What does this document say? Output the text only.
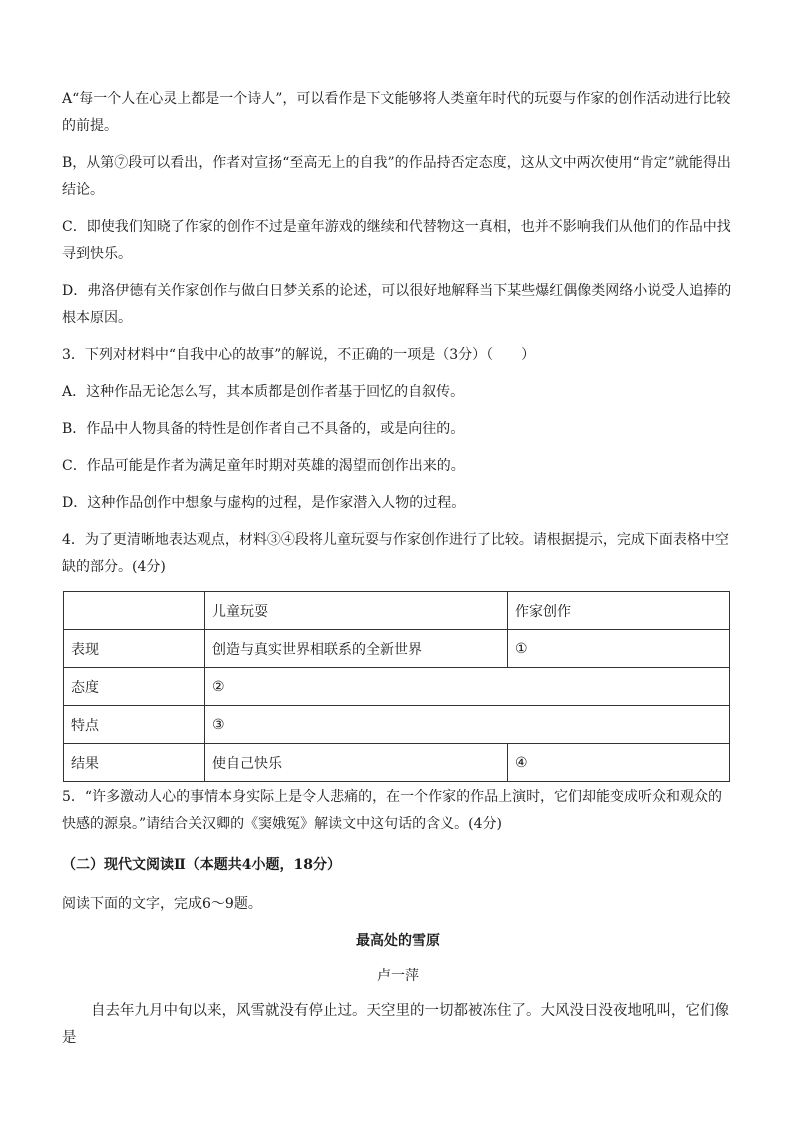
A“每一个人在心灵上都是一个诗人”，可以看作是下文能够将人类童年时代的玩耍与作家的创作活动进行比较的前提。

B，从第⑦段可以看出，作者对宣扬“至高无上的自我”的作品持否定态度，这从文中两次使用“肯定”就能得出结论。

C．即使我们知晓了作家的创作不过是童年游戏的继续和代替物这一真相，也并不影响我们从他们的作品中找寻到快乐。

D．弗洛伊德有关作家创作与做白日梦关系的论述，可以很好地解释当下某些爆红偶像类网络小说受人追捧的根本原因。

3．下列对材料中“自我中心的故事”的解说，不正确的一项是（3分）（　　）

A．这种作品无论怎么写，其本质都是创作者基于回忆的自叙传。

B．作品中人物具备的特性是创作者自己不具备的，或是向往的。

C．作品可能是作者为满足童年时期对英雄的渴望而创作出来的。

D．这种作品创作中想象与虚构的过程，是作家潜入人物的过程。

4．为了更清晰地表达观点，材料③④段将儿童玩耍与作家创作进行了比较。请根据提示，完成下面表格中空缺的部分。(4分)

	儿童玩耍	作家创作
表现	创造与真实世界相联系的全新世界	①
态度	②	
特点	③	
结果	使自己快乐	④

5．“许多激动人心的事情本身实际上是令人悲痛的，在一个作家的作品上演时，它们却能变成听众和观众的快感的源泉。”请结合关汉卿的《窦娥冤》解读文中这句话的含义。(4分)

（二）现代文阅读Ⅱ（本题共4小题，18分）

阅读下面的文字，完成6～9题。

最高处的雪原

卢一萍

自去年九月中旬以来，风雪就没有停止过。天空里的一切都被冻住了。大风没日没夜地吼叫，它们像是
